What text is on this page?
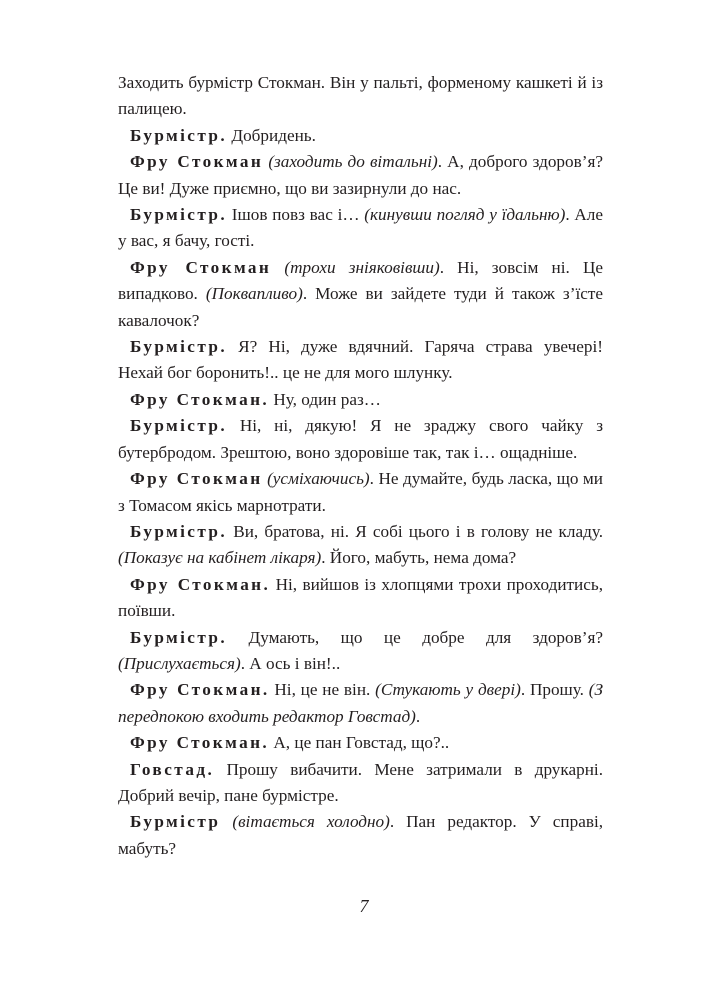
Заходить бурмістр Стокман. Він у пальті, форменому кашкеті й із палицею.

Бурмістр. Добридень.

Фру Стокман (заходить до вітальні). А, доброго здоров’я? Це ви! Дуже приємно, що ви зазирнули до нас.

Бурмістр. Ішов повз вас і… (кинувши погляд у їдальню). Але у вас, я бачу, гості.

Фру Стокман (трохи зніяковівши). Ні, зовсім ні. Це випадково. (Поквапливо). Може ви зайдете туди й також з’їсте кавалочок?

Бурмістр. Я? Ні, дуже вдячний. Гаряча страва увечері! Нехай бог боронить!.. це не для мого шлунку.

Фру Стокман. Ну, один раз…

Бурмістр. Ні, ні, дякую! Я не зраджу свого чайку з бутербродом. Зрештою, воно здоровіше так, так і… ощадніше.

Фру Стокман (усміхаючись). Не думайте, будь ласка, що ми з Томасом якісь марнотрати.

Бурмістр. Ви, братова, ні. Я собі цього і в голову не кладу. (Показує на кабінет лікаря). Його, мабуть, нема дома?

Фру Стокман. Ні, вийшов із хлопцями трохи проходитись, поївши.

Бурмістр. Думають, що це добре для здоров’я? (Прислухається). А ось і він!..

Фру Стокман. Ні, це не він. (Стукають у двері). Прошу. (З передпокою входить редактор Говстад).

Фру Стокман. А, це пан Говстад, що?..

Говстад. Прошу вибачити. Мене затримали в друкарні. Добрий вечір, пане бурмістре.

Бурмістр (вітається холодно). Пан редактор. У справі, мабуть?

7
